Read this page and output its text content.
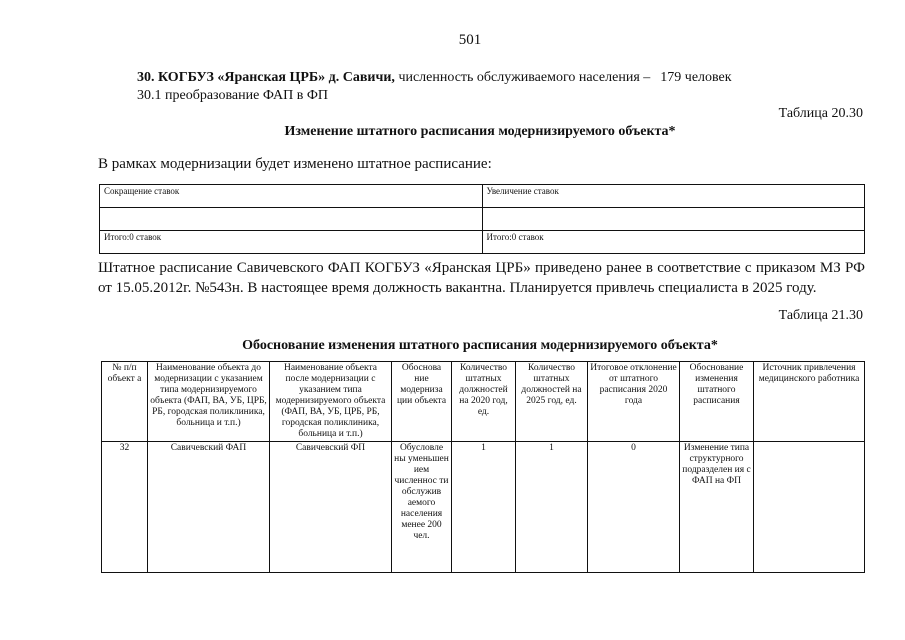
501
30. КОГБУЗ «Яранская ЦРБ» д. Савичи, численность обслуживаемого населения – 179 человек
30.1 преобразование ФАП в ФП
Таблица 20.30
Изменение штатного расписания модернизируемого объекта*
В рамках модернизации будет изменено штатное расписание:
Сокращение ставок	Увеличение ставок

Итого:0 ставок	Итого:0 ставок
Штатное расписание Савичевского ФАП КОГБУЗ «Яранская ЦРБ» приведено ранее в соответствие с приказом МЗ РФ от 15.05.2012г. №543н. В настоящее время должность вакантна. Планируется привлечь специалиста в 2025 году.
Таблица 21.30
Обоснование изменения штатного расписания модернизируемого объекта*
№ п/п объект а	Наименование объекта до модернизации с указанием типа модернизируемого объекта (ФАП, ВА, УБ, ЦРБ, РБ, городская поликлиника, больница и т.п.)	Наименование объекта после модернизации с указанием типа модернизируемого объекта (ФАП, ВА, УБ, ЦРБ, РБ, городская поликлиника, больница и т.п.)	Обоснова ние модерниза ции объекта	Количество штатных должностей на 2020 год, ед.	Количество штатных должностей на 2025 год, ед.	Итоговое отклонение от штатного расписания 2020 года	Обоснование изменения штатного расписания	Источник привлечения медицинского работника
32	Савичевский ФАП	Савичевский ФП	Обусловле ны уменьшен ием численнос ти обслужив аемого населения менее 200 чел.	1	1	0	Изменение типа структурного подразделен ия с ФАП на ФП	
